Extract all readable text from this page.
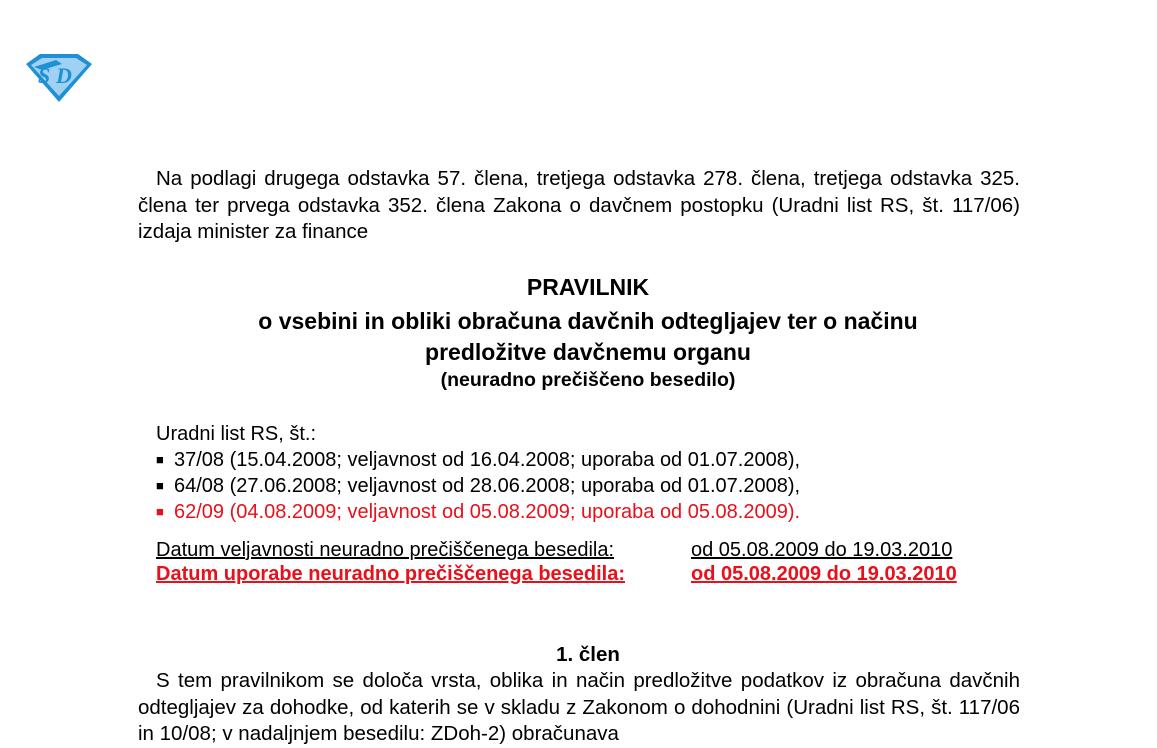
S D

Na podlagi drugega odstavka 57. člena, tretjega odstavka 278. člena, tretjega odstavka 325. člena ter prvega odstavka 352. člena Zakona o davčnem postopku (Uradni list RS, št. 117/06) izdaja minister za finance

PRAVILNIK
o vsebini in obliki obračuna davčnih odtegljajev ter o načinu
predložitve davčnemu organu
(neuradno prečiščeno besedilo)
Uradni list RS, št.:
■ 37/08 (15.04.2008; veljavnost od 16.04.2008; uporaba od 01.07.2008),
■ 64/08 (27.06.2008; veljavnost od 28.06.2008; uporaba od 01.07.2008),
■ 62/09 (04.08.2009; veljavnost od 05.08.2009; uporaba od 05.08.2009).
Datum veljavnosti neuradno prečiščenega besedila:	od 05.08.2009 do 19.03.2010
Datum uporabe neuradno prečiščenega besedila:	od 05.08.2009 do 19.03.2010
1. člen

S tem pravilnikom se določa vrsta, oblika in način predložitve podatkov iz obračuna davčnih odtegljajev za dohodke, od katerih se v skladu z Zakonom o dohodnini (Uradni list RS, št. 117/06 in 10/08; v nadaljnjem besedilu: ZDoh-2) obračunava
